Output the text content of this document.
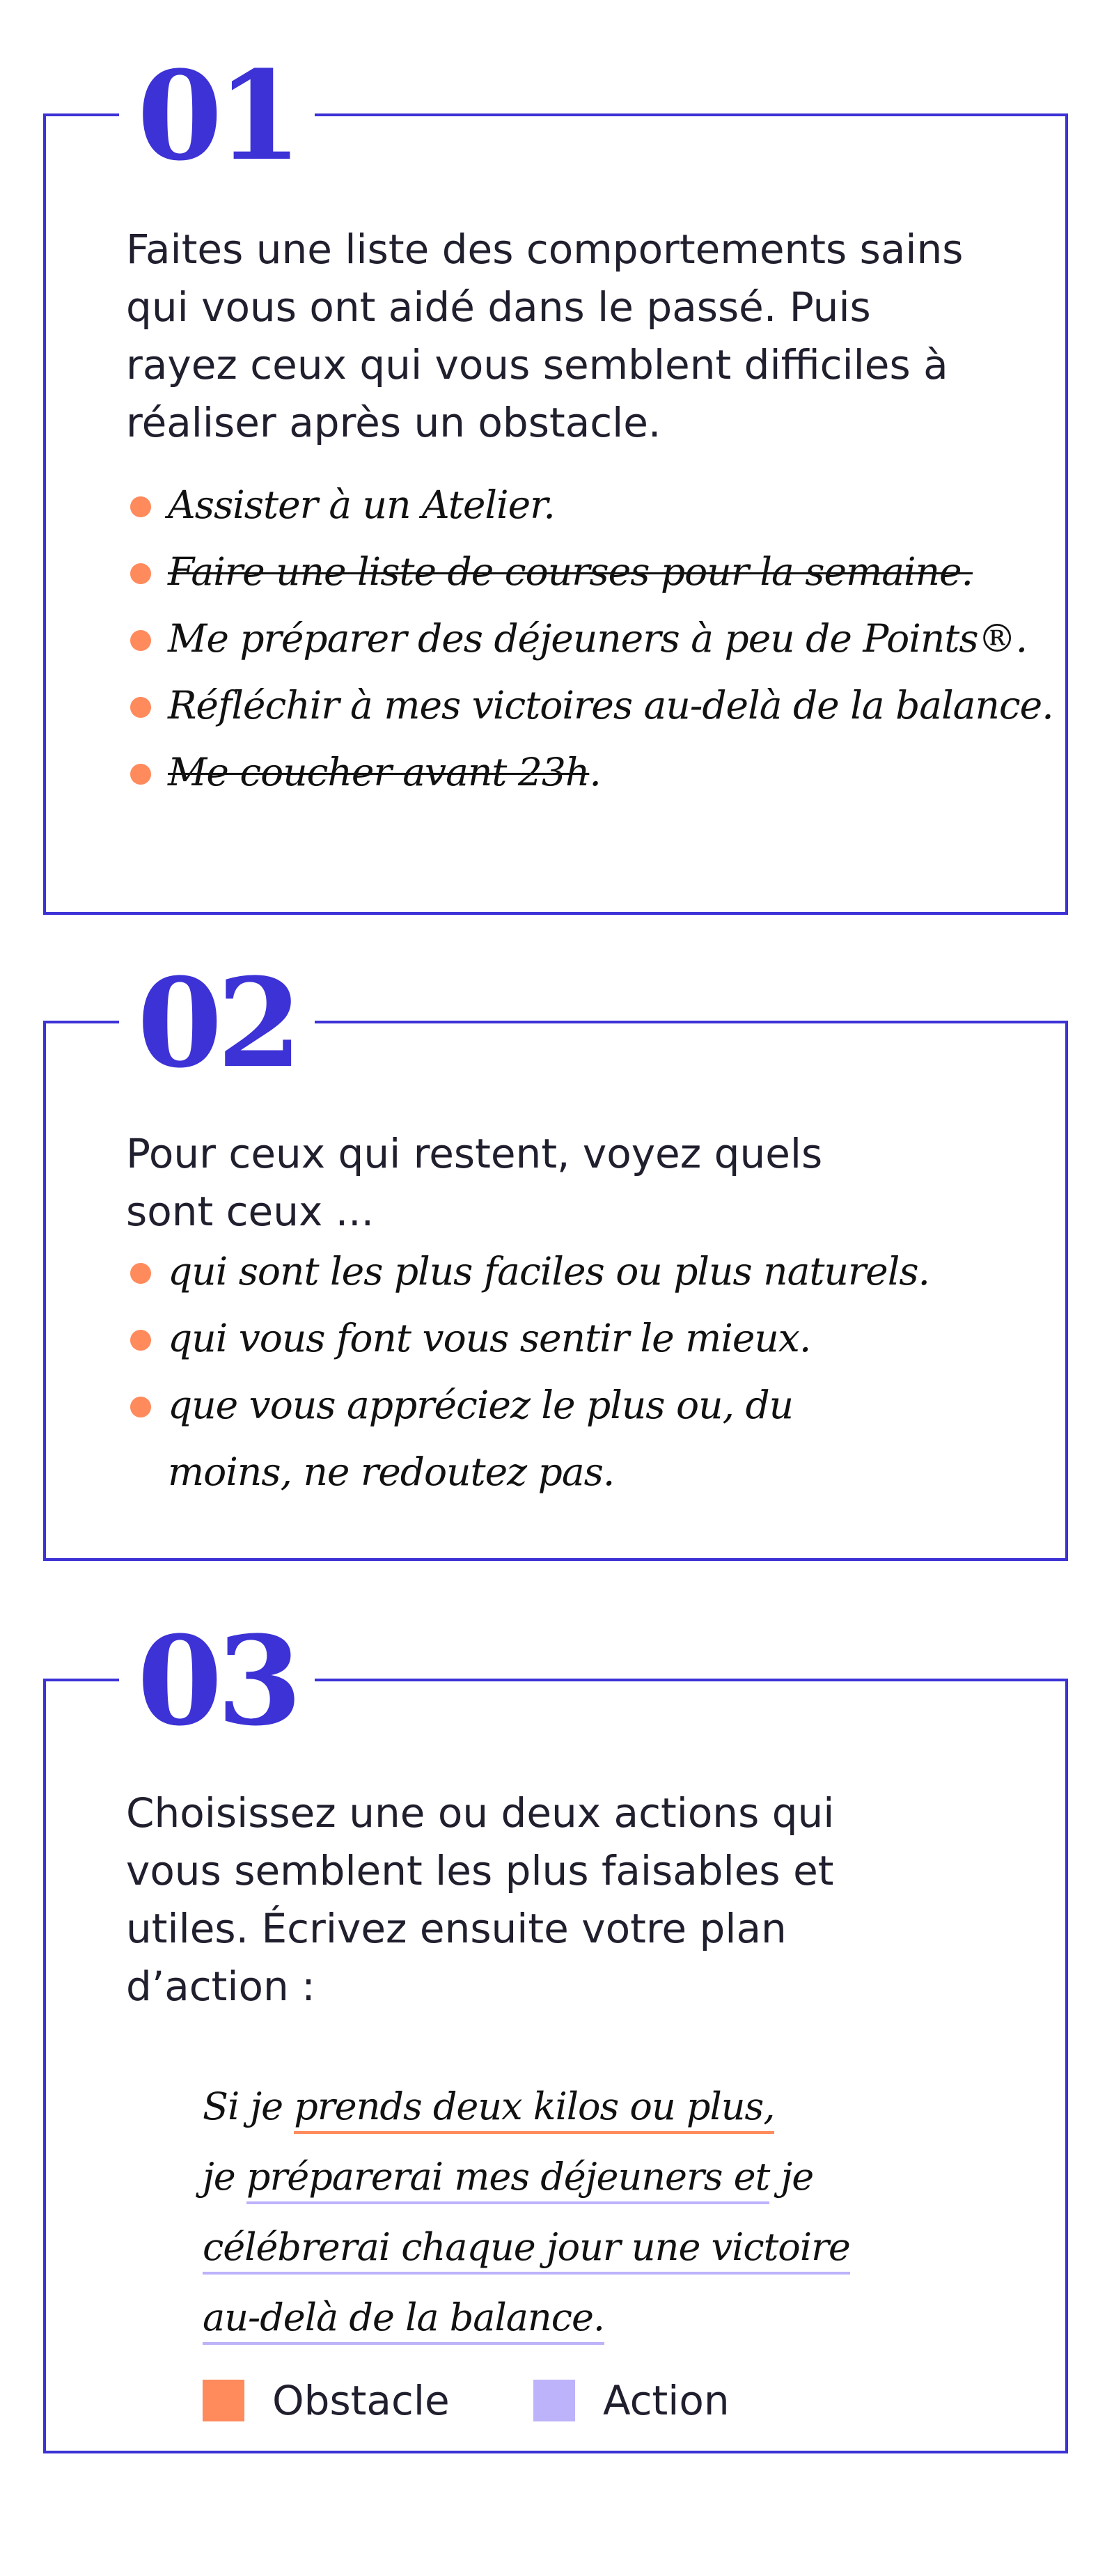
01

Faites une liste des comportements sains qui vous ont aidé dans le passé. Puis rayez ceux qui vous semblent difficiles à réaliser après un obstacle.

Assister à un Atelier.
Faire une liste de courses pour la semaine.
Me préparer des déjeuners à peu de Points®.
Réfléchir à mes victoires au-delà de la balance.
Me coucher avant 23h.
02

Pour ceux qui restent, voyez quels sont ceux ...

qui sont les plus faciles ou plus naturels.
qui vous font vous sentir le mieux.
que vous appréciez le plus ou, du moins, ne redoutez pas.
03

Choisissez une ou deux actions qui vous semblent les plus faisables et utiles. Écrivez ensuite votre plan d’action :

Si je prends deux kilos ou plus,
je préparerai mes déjeuners et je
célébrerai chaque jour une victoire
au-delà de la balance.

Obstacle	Action
